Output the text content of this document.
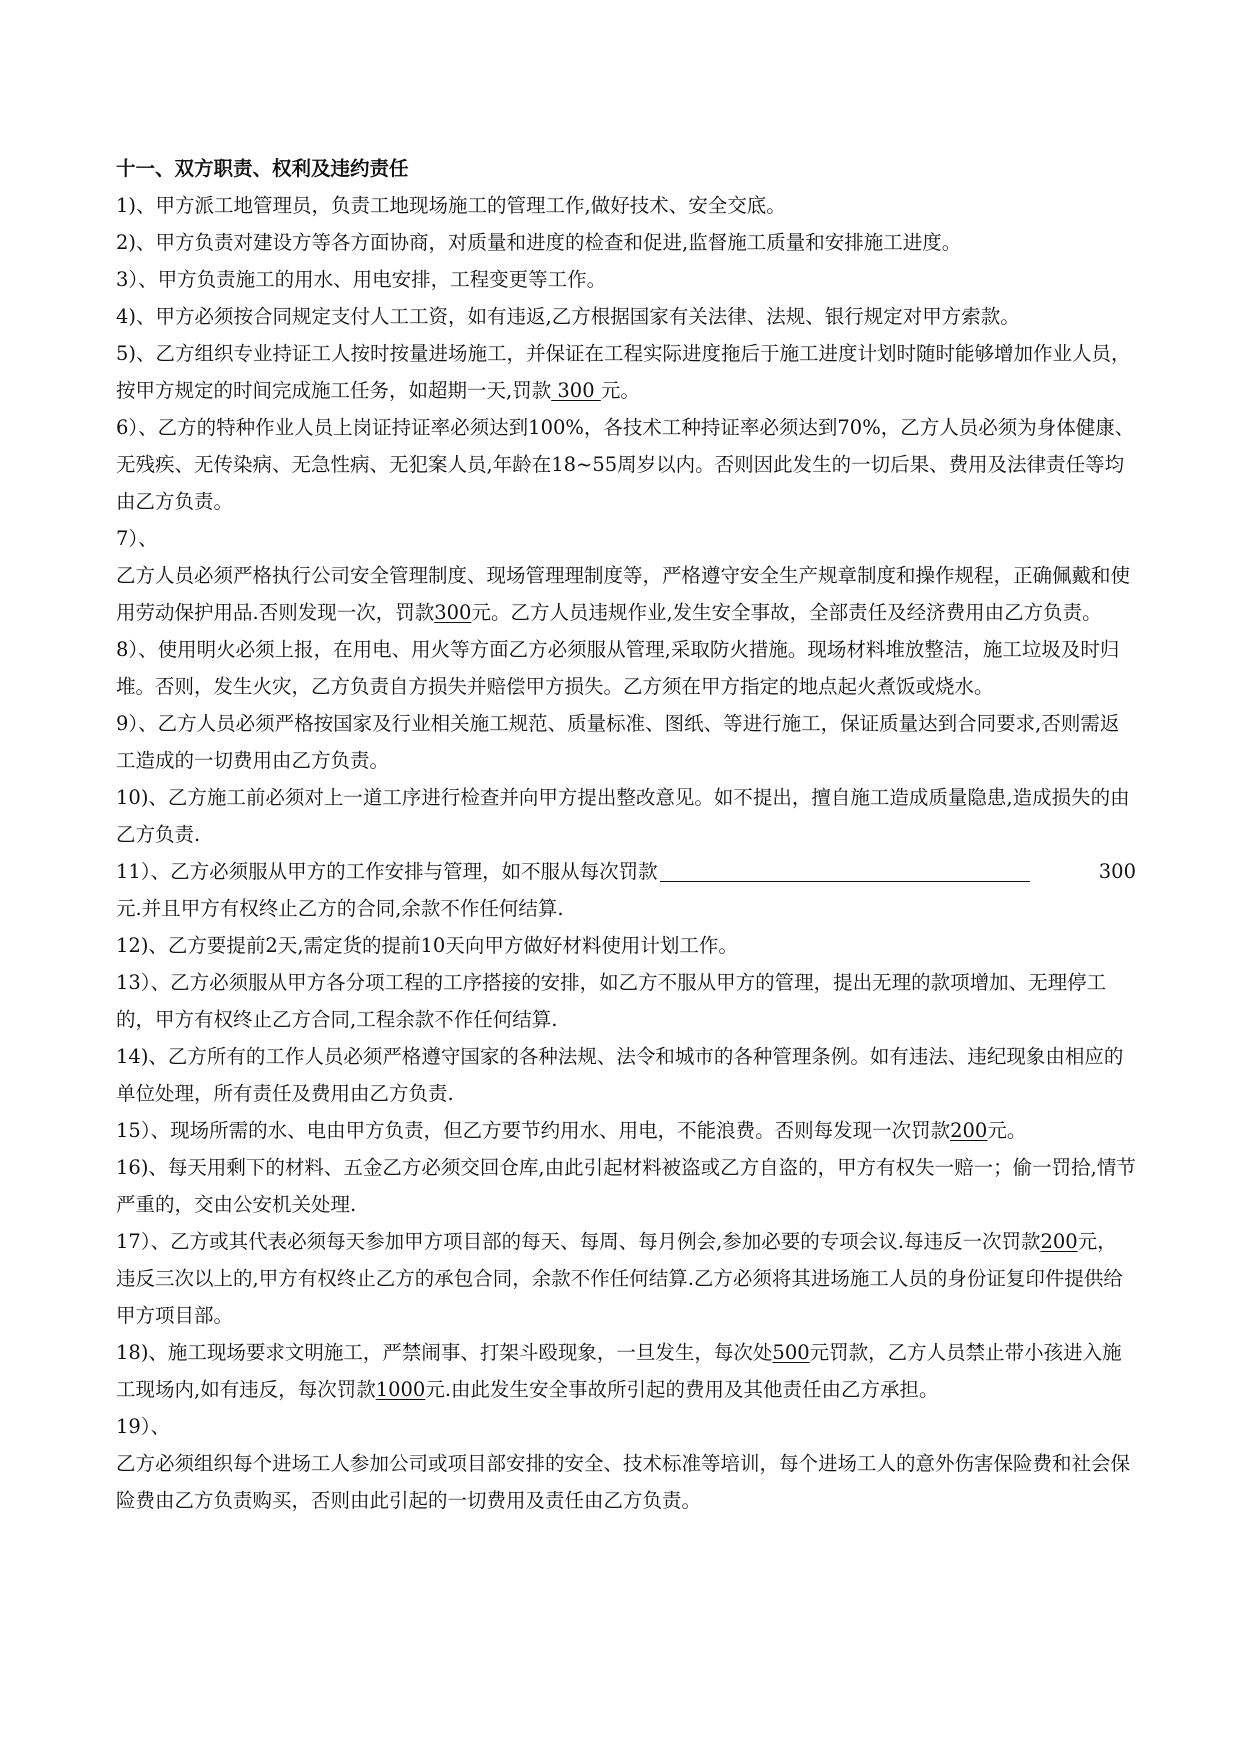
十一、双方职责、权利及违约责任

1)、甲方派工地管理员，负责工地现场施工的管理工作,做好技术、安全交底。

2)、甲方负责对建设方等各方面协商，对质量和进度的检查和促进,监督施工质量和安排施工进度。

3）、甲方负责施工的用水、用电安排，工程变更等工作。

4)、甲方必须按合同规定支付人工工资，如有违返,乙方根据国家有关法律、法规、银行规定对甲方索款。

5)、乙方组织专业持证工人按时按量进场施工，并保证在工程实际进度拖后于施工进度计划时随时能够增加作业人员，按甲方规定的时间完成施工任务，如超期一天,罚款 300 元。

6）、乙方的特种作业人员上岗证持证率必须达到100%，各技术工种持证率必须达到70%，乙方人员必须为身体健康、无残疾、无传染病、无急性病、无犯案人员,年龄在18~55周岁以内。否则因此发生的一切后果、费用及法律责任等均由乙方负责。

7）、

乙方人员必须严格执行公司安全管理制度、现场管理理制度等，严格遵守安全生产规章制度和操作规程，正确佩戴和使用劳动保护用品.否则发现一次，罚款300元。乙方人员违规作业,发生安全事故，全部责任及经济费用由乙方负责。

8）、使用明火必须上报，在用电、用火等方面乙方必须服从管理,采取防火措施。现场材料堆放整洁，施工垃圾及时归堆。否则，发生火灾，乙方负责自方损失并赔偿甲方损失。乙方须在甲方指定的地点起火煮饭或烧水。

9）、乙方人员必须严格按国家及行业相关施工规范、质量标准、图纸、等进行施工，保证质量达到合同要求,否则需返工造成的一切费用由乙方负责。

10)、乙方施工前必须对上一道工序进行检查并向甲方提出整改意见。如不提出，擅自施工造成质量隐患,造成损失的由乙方负责.

11）、乙方必须服从甲方的工作安排与管理，如不服从每次罚款	300

元.并且甲方有权终止乙方的合同,余款不作任何结算.

12)、乙方要提前2天,需定货的提前10天向甲方做好材料使用计划工作。

13）、乙方必须服从甲方各分项工程的工序搭接的安排，如乙方不服从甲方的管理，提出无理的款项增加、无理停工的，甲方有权终止乙方合同,工程余款不作任何结算.

14)、乙方所有的工作人员必须严格遵守国家的各种法规、法令和城市的各种管理条例。如有违法、违纪现象由相应的单位处理，所有责任及费用由乙方负责.

15）、现场所需的水、电由甲方负责，但乙方要节约用水、用电，不能浪费。否则每发现一次罚款200元。

16)、每天用剩下的材料、五金乙方必须交回仓库,由此引起材料被盗或乙方自盗的，甲方有权失一赔一；偷一罚拾,情节严重的，交由公安机关处理.

17）、乙方或其代表必须每天参加甲方项目部的每天、每周、每月例会,参加必要的专项会议.每违反一次罚款200元，违反三次以上的,甲方有权终止乙方的承包合同，余款不作任何结算.乙方必须将其进场施工人员的身份证复印件提供给甲方项目部。

18)、施工现场要求文明施工，严禁闹事、打架斗殴现象，一旦发生，每次处500元罚款，乙方人员禁止带小孩进入施工现场内,如有违反，每次罚款1000元.由此发生安全事故所引起的费用及其他责任由乙方承担。

19）、

乙方必须组织每个进场工人参加公司或项目部安排的安全、技术标准等培训，每个进场工人的意外伤害保险费和社会保险费由乙方负责购买，否则由此引起的一切费用及责任由乙方负责。
